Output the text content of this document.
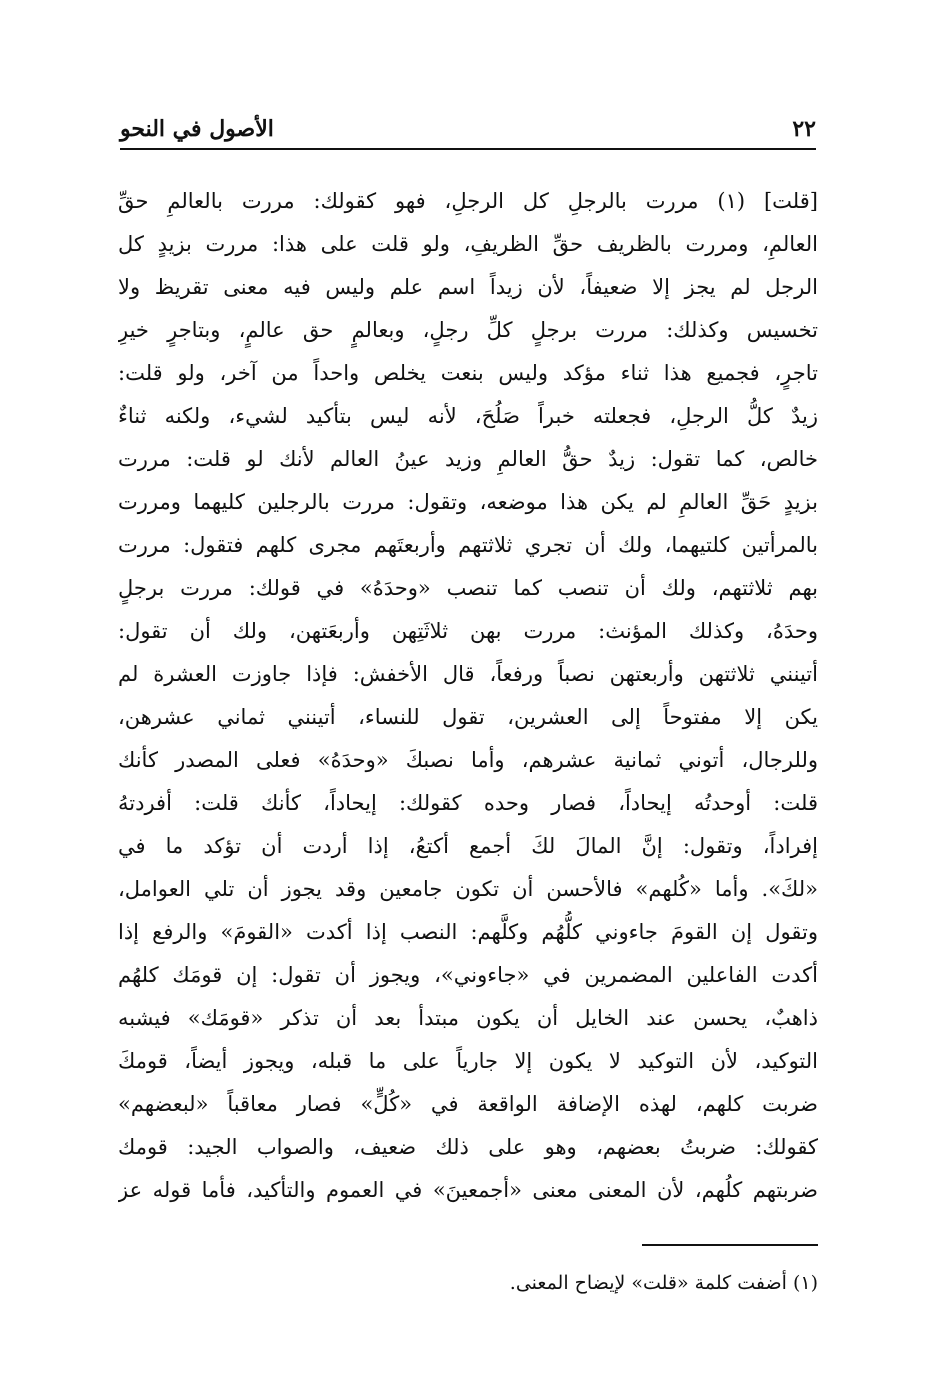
٢٢
الأصول في النحو
[قلت] (١) مررت بالرجلِ كل الرجلِ، فهو كقولك: مررت بالعالمِ حقِّ
العالمِ، ومررت بالظريف حقِّ الظريفِ، ولو قلت على هذا: مررت بزيدٍ كل
الرجل لم يجز إلا ضعيفاً، لأن زيداً اسم علم وليس فيه معنى تقريظ ولا
تخسيس وكذلك: مررت برجلٍ كلِّ رجلٍ، وبعالمٍ حق عالمٍ، وبتاجرٍ خيرِ
تاجرٍ، فجميع هذا ثناء مؤكد وليس بنعت يخلص واحداً من آخر، ولو قلت:
زيدٌ كلُّ الرجلِ، فجعلته خبراً صَلُحَ، لأنه ليس بتأكيد لشيء، ولكنه ثناءٌ
خالص، كما تقول: زيدٌ حقُّ العالمِ وزيد عينُ العالم لأنك لو قلت: مررت
بزيدٍ حَقِّ العالمِ لم يكن هذا موضعه، وتقول: مررت بالرجلين كليهما ومررت
بالمرأتين كلتيهما، ولك أن تجري ثلاثتهم وأربعتَهم مجرى كلهم فتقول: مررت
بهم ثلاثتهم، ولك أن تنصب كما تنصب «وحدَهُ» في قولك: مررت برجلٍ
وحدَهُ، وكذلك المؤنث: مررت بهن ثلاثَتِهن وأربعَتهن، ولك أن تقول:
أتينني ثلاثتهن وأربعتهن نصباً ورفعاً، قال الأخفش: فإذا جاوزت العشرة لم
يكن إلا مفتوحاً إلى العشرين، تقول للنساء، أتينني ثماني عشرهن،
وللرجال، أتوني ثمانية عشرهم، وأما نصبكَ «وحدَهُ» فعلى المصدر كأنك
قلت: أوحدتُه إيحاداً، فصار وحده كقولك: إيحاداً، كأنك قلت: أفردتهُ
إفراداً، وتقول: إنَّ المالَ لكَ أجمع أكتعُ، إذا أردت أن تؤكد ما في
«لكَ». وأما «كُلهم» فالأحسن أن تكون جامعين وقد يجوز أن تلي العوامل،
وتقول إن القومَ جاءوني كلُّهُم وكلَّهم: النصب إذا أكدت «القومَ» والرفع إذا
أكدت الفاعلين المضمرين في «جاءوني»، ويجوز أن تقول: إن قومَك كلهُم
ذاهبٌ، يحسن عند الخايل أن يكون مبتدأ بعد أن تذكر «قومَك» فيشبه
التوكيد، لأن التوكيد لا يكون إلا جارياً على ما قبله، ويجوز أيضاً، قومكَ
ضربت كلهم، لهذه الإضافة الواقعة في «كُلٍّ» فصار معاقباً «لبعضهم»
كقولك: ضربتُ بعضهم، وهو على ذلك ضعيف، والصواب الجيد: قومك
ضربتهم كلُهم، لأن المعنى معنى «أجمعينَ» في العموم والتأكيد، فأما قوله عز
(١) أضفت كلمة «قلت» لإيضاح المعنى.
